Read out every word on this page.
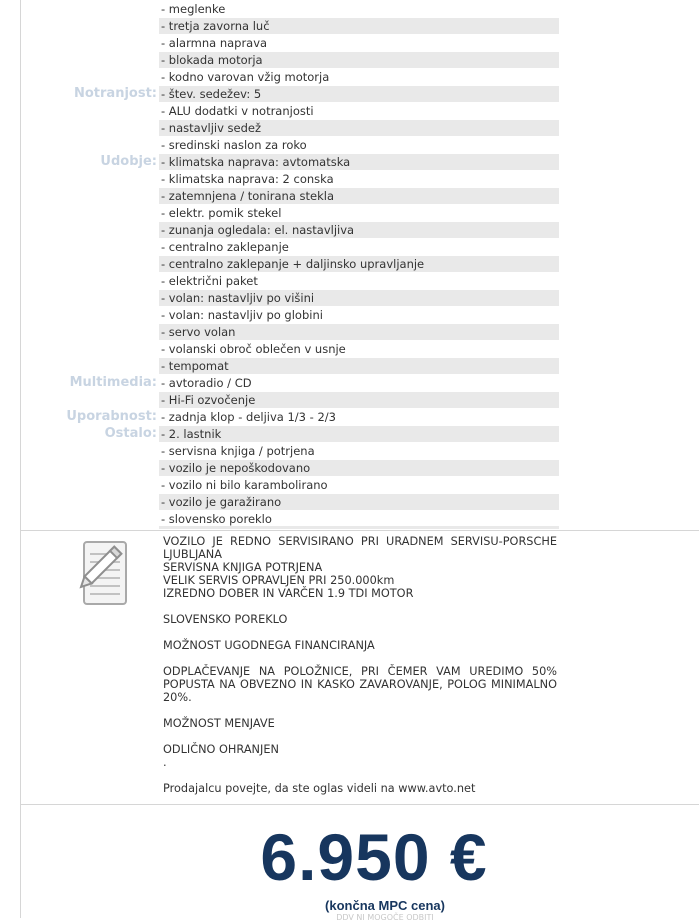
- meglenke
- tretja zavorna luč
- alarmna naprava
- blokada motorja
- kodno varovan vžig motorja
Notranjost: - štev. sedežev: 5
- ALU dodatki v notranjosti
- nastavljiv sedež
- sredinski naslon za roko
Udobje: - klimatska naprava: avtomatska
- klimatska naprava: 2 conska
- zatemnjena / tonirana stekla
- elektr. pomik stekel
- zunanja ogledala: el. nastavljiva
- centralno zaklepanje
- centralno zaklepanje + daljinsko upravljanje
- električni paket
- volan: nastavljiv po višini
- volan: nastavljiv po globini
- servo volan
- volanski obroč oblečen v usnje
- tempomat
Multimedia: - avtoradio / CD
- Hi-Fi ozvočenje
Uporabnost: - zadnja klop - deljiva 1/3 - 2/3
Ostalo: - 2. lastnik
- servisna knjiga / potrjena
- vozilo je nepoškodovano
- vozilo ni bilo karambolirano
- vozilo je garažirano
- slovensko poreklo
VOZILO JE REDNO SERVISIRANO PRI URADNEM SERVISU-PORSCHE LJUBLJANA
SERVISNA KNJIGA POTRJENA
VELIK SERVIS OPRAVLJEN PRI 250.000km
IZREDNO DOBER IN VARČEN 1.9 TDI MOTOR

SLOVENSKO POREKLO

MOŽNOST UGODNEGA FINANCIRANJA

ODPLAČEVANJE NA POLOŽNICE, PRI ČEMER VAM UREDIMO 50% POPUSTA NA OBVEZNO IN KASKO ZAVAROVANJE, POLOG MINIMALNO 20%.

MOŽNOST MENJAVE

ODLIČNO OHRANJEN

.

Prodajalcu povejte, da ste oglas videli na www.avto.net
6.950 €
(končna MPC cena)
DDV NI MOGOČE ODBITI
